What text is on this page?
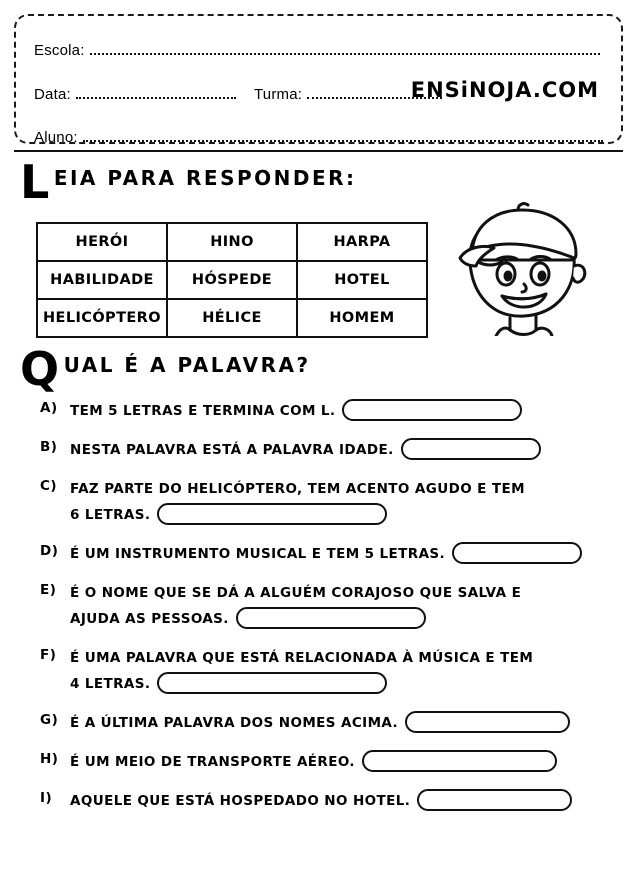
Escola:
Data:	Turma:
Aluno:
ENSiNOJA.COM
L EIA PARA RESPONDER:
HERÓI	HINO	HARPA
HABILIDADE	HÓSPEDE	HOTEL
HELICÓPTERO	HÉLICE	HOMEM
Q UAL É A PALAVRA?
A) TEM 5 LETRAS E TERMINA COM L.
B) NESTA PALAVRA ESTÁ A PALAVRA IDADE.
C) FAZ PARTE DO HELICÓPTERO, TEM ACENTO AGUDO E TEM
6 LETRAS.
D) É UM INSTRUMENTO MUSICAL E TEM 5 LETRAS.
E)	É O NOME QUE SE DÁ A ALGUÉM CORAJOSO QUE SALVA E
AJUDA AS PESSOAS.
F)	É UMA PALAVRA QUE ESTÁ RELACIONADA À MÚSICA E TEM
4 LETRAS.
G) É A ÚLTIMA PALAVRA DOS NOMES ACIMA.
H) É UM MEIO DE TRANSPORTE AÉREO.
I)	AQUELE QUE ESTÁ HOSPEDADO NO HOTEL.
